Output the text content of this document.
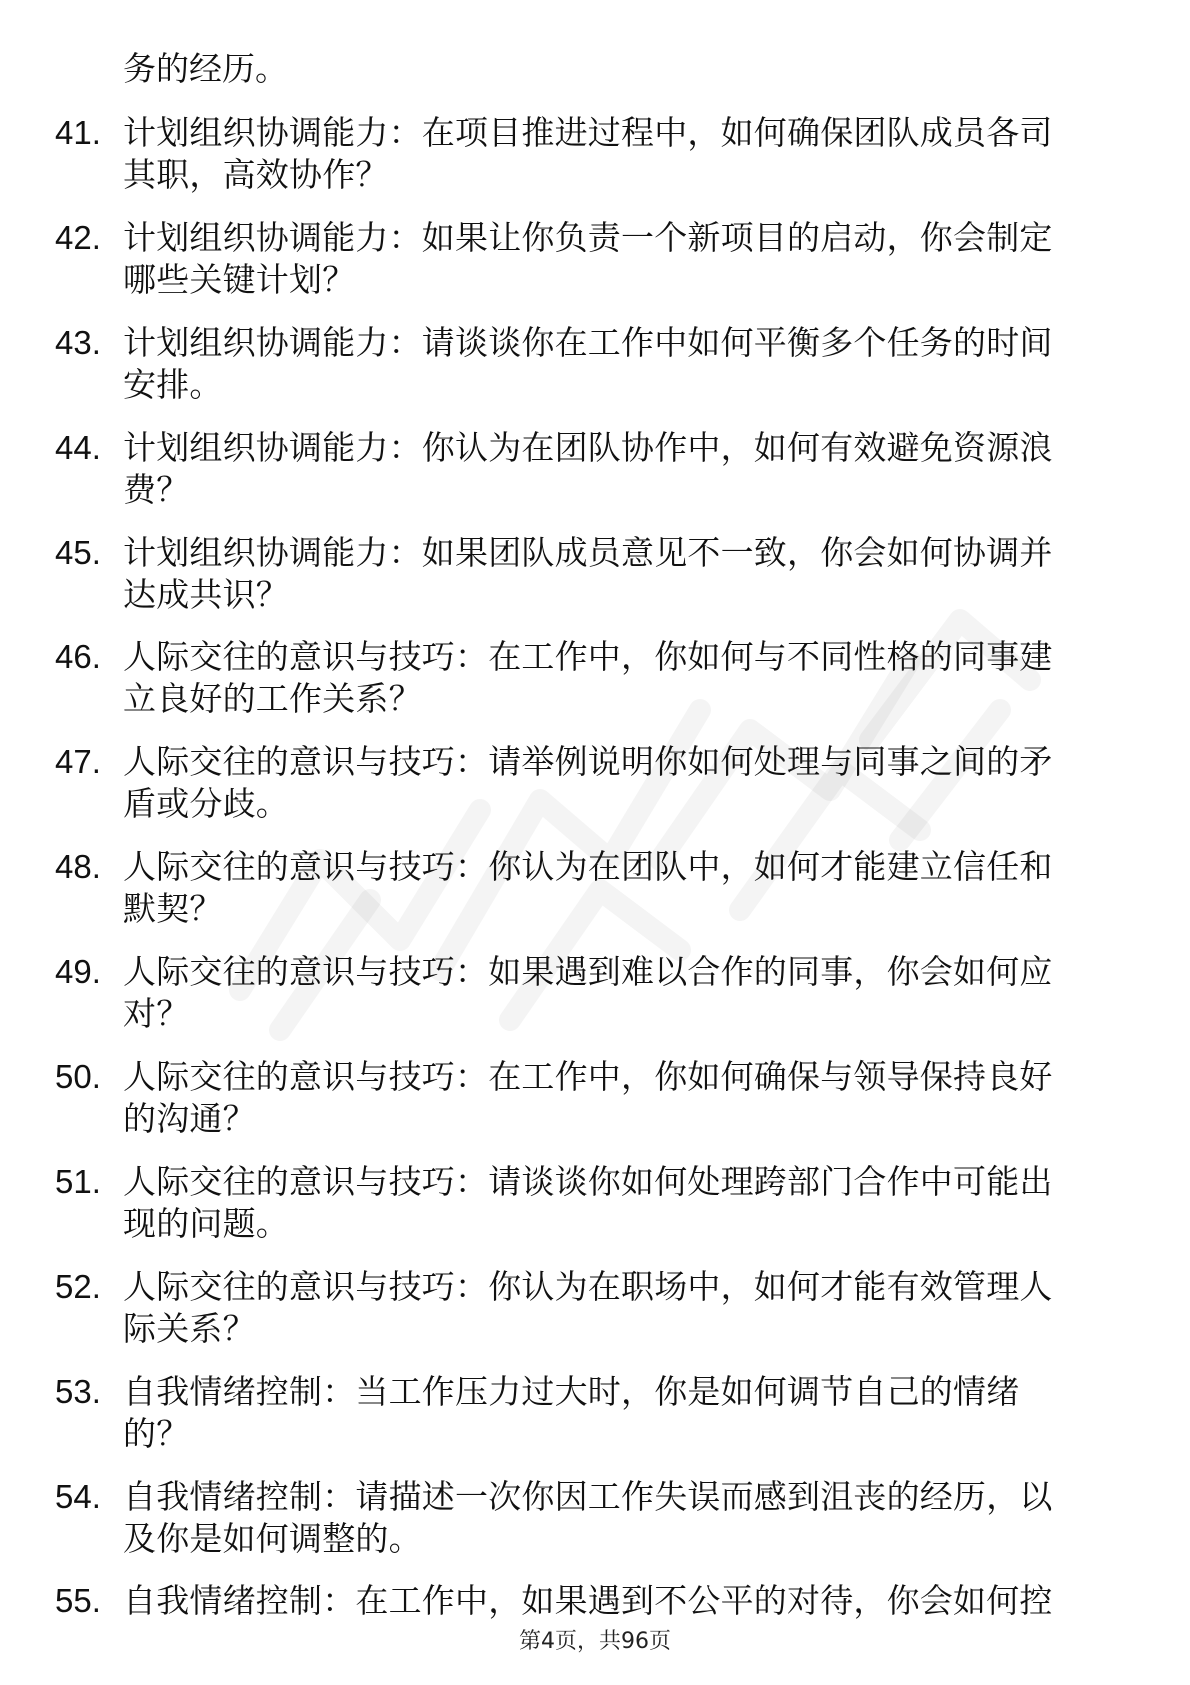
务的经历。
41. 计划组织协调能力：在项目推进过程中，如何确保团队成员各司
其职，高效协作？
42. 计划组织协调能力：如果让你负责一个新项目的启动，你会制定
哪些关键计划？
43. 计划组织协调能力：请谈谈你在工作中如何平衡多个任务的时间
安排。
44. 计划组织协调能力：你认为在团队协作中，如何有效避免资源浪
费？
45. 计划组织协调能力：如果团队成员意见不一致，你会如何协调并
达成共识？
46. 人际交往的意识与技巧：在工作中，你如何与不同性格的同事建
立良好的工作关系？
47. 人际交往的意识与技巧：请举例说明你如何处理与同事之间的矛
盾或分歧。
48. 人际交往的意识与技巧：你认为在团队中，如何才能建立信任和
默契？
49. 人际交往的意识与技巧：如果遇到难以合作的同事，你会如何应
对？
50. 人际交往的意识与技巧：在工作中，你如何确保与领导保持良好
的沟通？
51. 人际交往的意识与技巧：请谈谈你如何处理跨部门合作中可能出
现的问题。
52. 人际交往的意识与技巧：你认为在职场中，如何才能有效管理人
际关系？
53. 自我情绪控制：当工作压力过大时，你是如何调节自己的情绪
的？
54. 自我情绪控制：请描述一次你因工作失误而感到沮丧的经历，以
及你是如何调整的。
55. 自我情绪控制：在工作中，如果遇到不公平的对待，你会如何控
第4页，共96页
